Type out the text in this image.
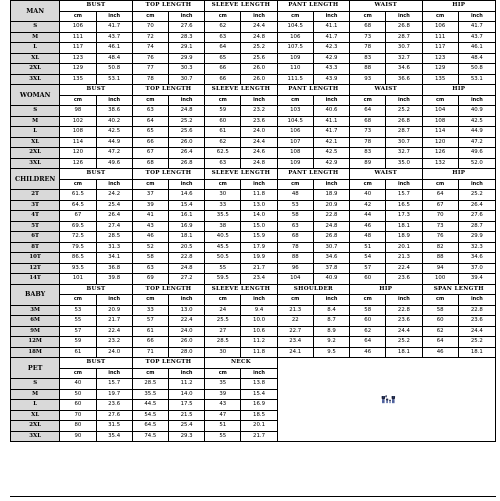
MAN	BUST		TOP LENGTH		SLEEVE LENGTH		PANT LENGTH		WAIST		HIP	
	cm	inch	cm	inch	cm	inch	cm	inch	cm	inch	cm	inch
S	106	41.7	70	27.6	62	24.4	104.5	41.1	68	26.8	106	41.7
M	111	43.7	72	28.3	63	24.8	106	41.7	73	28.7	111	43.7
L	117	46.1	74	29.1	64	25.2	107.5	42.3	78	30.7	117	46.1
XL	123	48.4	76	29.9	65	25.6	109	42.9	83	32.7	123	48.4
2XL	129	50.8	77	30.3	66	26.0	110	43.3	88	34.6	129	50.8
3XL	135	53.1	78	30.7	66	26.0	111.5	43.9	93	36.6	135	53.1
WOMAN	BUST		TOP LENGTH		SLEEVE LENGTH		PANT LENGTH		WAIST		HIP	
	cm	inch	cm	inch	cm	inch	cm	inch	cm	inch	cm	inch
S	98	38.6	63	24.8	59	23.2	103	40.6	64	25.2	104	40.9
M	102	40.2	64	25.2	60	23.6	104.5	41.1	68	26.8	108	42.5
L	108	42.5	65	25.6	61	24.0	106	41.7	73	28.7	114	44.9
XL	114	44.9	66	26.0	62	24.4	107	42.1	78	30.7	120	47.2
2XL	120	47.2	67	26.4	62.5	24.6	108	42.5	83	32.7	126	49.6
3XL	126	49.6	68	26.8	63	24.8	109	42.9	89	35.0	132	52.0
CHILDREN	BUST		TOP LENGTH		SLEEVE LENGTH		PANT LENGTH		WAIST		HIP	
	cm	inch	cm	inch	cm	inch	cm	inch	cm	inch	cm	inch
2T	61.5	24.2	37	14.6	30	11.8	48	18.9	40	15.7	64	25.2
3T	64.5	25.4	39	15.4	33	13.0	53	20.9	42	16.5	67	26.4
4T	67	26.4	41	16.1	35.5	14.0	58	22.8	44	17.3	70	27.6
5T	69.5	27.4	43	16.9	38	15.0	63	24.8	46	18.1	73	28.7
6T	72.5	28.5	46	18.1	40.5	15.9	68	26.8	48	18.9	76	29.9
8T	79.5	31.3	52	20.5	45.5	17.9	78	30.7	51	20.1	82	32.3
10T	86.5	34.1	58	22.8	50.5	19.9	88	34.6	54	21.3	88	34.6
12T	93.5	36.8	63	24.8	55	21.7	96	37.8	57	22.4	94	37.0
14T	101	39.8	69	27.2	59.5	23.4	104	40.9	60	23.6	100	39.4
BABY	BUST		TOP LENGTH		SLEEVE LENGTH		SHOULDER		HIP		SPAN LENGTH	
	cm	inch	cm	inch	cm	inch	cm	inch	cm	inch	cm	inch
3M	53	20.9	33	13.0	24	9.4	21.3	8.4	58	22.8	58	22.8
6M	55	21.7	57	22.4	25.5	10.0	22	8.7	60	23.6	60	23.6
9M	57	22.4	61	24.0	27	10.6	22.7	8.9	62	24.4	62	24.4
12M	59	23.2	66	26.0	28.5	11.2	23.4	9.2	64	25.2	64	25.2
18M	61	24.0	71	28.0	30	11.8	24.1	9.5	46	18.1	46	18.1
PET	BUST		TOP LENGTH		NECK	

	cm	inch	cm	inch	cm	inch						
S	40	15.7	28.5	11.2	35	13.8						
M	50	19.7	35.5	14.0	39	15.4						
L	60	23.6	44.5	17.5	43	16.9						
XL	70	27.6	54.5	21.5	47	18.5						
2XL	80	31.5	64.5	25.4	51	20.1						
3XL	90	35.4	74.5	29.3	55	21.7						
